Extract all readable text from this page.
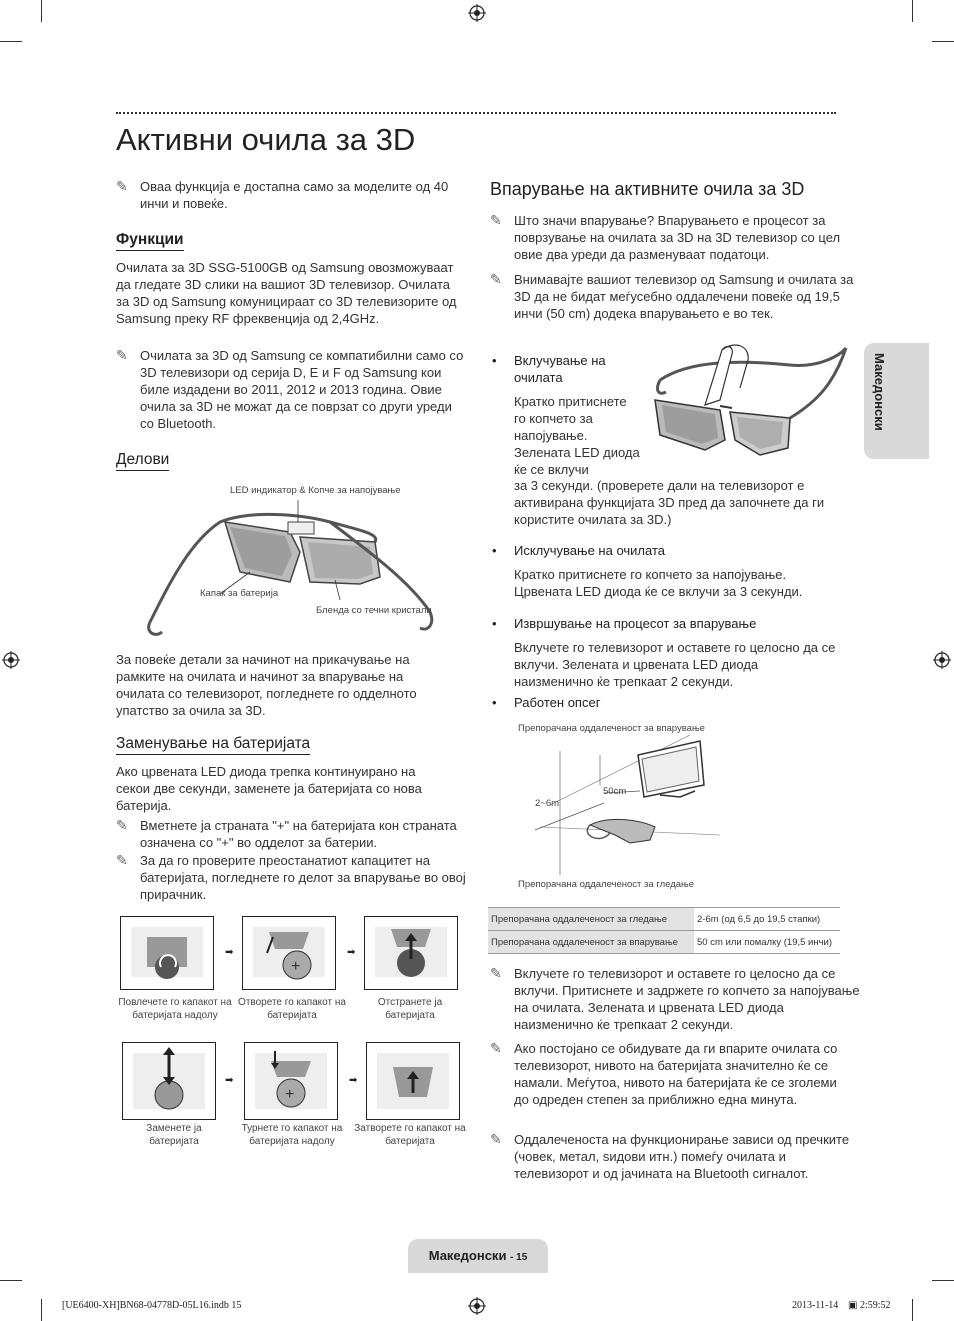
Активни очила за 3D
✎ Оваа функција е достапна само за моделите од 40 инчи и повеќе.
Функции
Очилата за 3D SSG-5100GB од Samsung овозможуваат да гледате 3D слики на вашиот 3D телевизор. Очилата за 3D од Samsung комуницираат со 3D телевизорите од Samsung преку RF фреквенција од 2,4GHz.
✎ Очилата за 3D од Samsung се компатибилни само со 3D телевизори од серија D, E и F од Samsung кои биле издадени во 2011, 2012 и 2013 година. Овие очила за 3D не можат да се поврзат со други уреди со Bluetooth.
Делови
LED индикатор & Копче за напојување
Капак за батерија
Бленда со течни кристали
За повеќе детали за начинот на прикачување на рамките на очилата и начинот за впарување на очилата со телевизорот, погледнете го одделното упатство за очила за 3D.
Заменување на батеријата
Ако црвената LED диода трепка континуирано на секои две секунди, заменете ја батеријата со нова батерија.
✎ Вметнете ја страната "+" на батеријата кон страната означена со "+" во одделот за батерии.
✎ За да го проверите преостанатиот капацитет на батеријата, погледнете го делот за впарување во овој прирачник.
➡
+
➡
Повлечете го капакот на батеријата надолу
Отворете го капакот на батеријата
Отстранете ја батеријата
➡
+
➡
Заменете ја батеријата
Турнете го капакот на батеријата надолу
Затворете го капакот на батеријата
Впарување на активните очила за 3D
✎ Што значи впарување? Впарувањето е процесот за поврзување на очилата за 3D на 3D телевизор со цел овие два уреди да разменуваат податоци.
✎ Внимавајте вашиот телевизор од Samsung и очилата за 3D да не бидат меѓусебно оддалечени повеќе од 19,5 инчи (50 cm) додека впарувањето е во тек.
• Вклучување на очилата
Кратко притиснете го копчето за напојување. Зелената LED диода ќе се вклучи
за 3 секунди. (проверете дали на телевизорот е активирана функцијата 3D пред да започнете да ги користите очилата за 3D.)
• Исклучување на очилата
Кратко притиснете го копчето за напојување. Црвената LED диода ќе се вклучи за 3 секунди.
• Извршување на процесот за впарување
Вклучете го телевизорот и оставете го целосно да се вклучи. Зелената и црвената LED диода наизменично ќе трепкаат 2 секунди.
• Работен опсег
Препорачана оддалеченост за впарување
50cm
2~6m
Препорачана оддалеченост за гледање
Препорачана оддалеченост за гледање	2-6m (од 6,5 до 19,5 стапки)
Препорачана оддалеченост за впарување	50 cm или помалку (19,5 инчи)
✎ Вклучете го телевизорот и оставете го целосно да се вклучи. Притиснете и задржете го копчето за напојување на очилата. Зелената и црвената LED диода наизменично ќе трепкаат 2 секунди.
✎ Ако постојано се обидувате да ги впарите очилата со телевизорот, нивото на батеријата значително ќе се намали. Меѓутоа, нивото на батеријата ќе се зголеми до одреден степен за приближно една минута.
✎ Оддалеченоста на функционирање зависи од пречките (човек, метал, ѕидови итн.) помеѓу очилата и телевизорот и од јачината на Bluetooth сигналот.
Македонски
Македонски - 15
[UE6400-XH]BN68-04778D-05L16.indb 15	2013-11-14 ▣ 2:59:52
